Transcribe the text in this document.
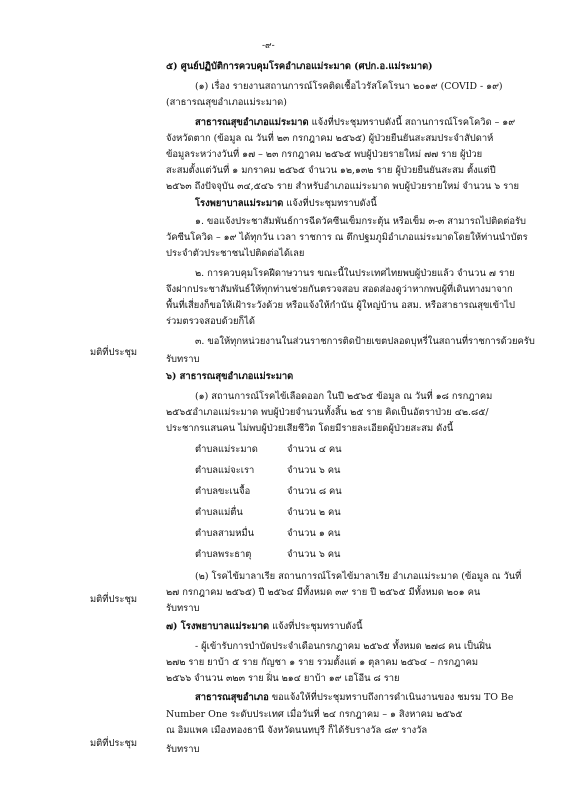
-๙-
๕) ศูนย์ปฏิบัติการควบคุมโรคอำเภอแม่ระมาด (ศปก.อ.แม่ระมาด)
(๑) เรื่อง รายงานสถานการณ์โรคติดเชื้อไวรัสโคโรนา ๒๐๑๙ (COVID - ๑๙)
(สาธารณสุขอำเภอแม่ระมาด)
สาธารณสุขอำเภอแม่ระมาด แจ้งที่ประชุมทราบดังนี้ สถานการณ์โรคโควิด – ๑๙
จังหวัดตาก (ข้อมูล ณ วันที่ ๒๓ กรกฎาคม ๒๕๖๕) ผู้ป่วยยืนยันสะสมประจำสัปดาห์
ข้อมูลระหว่างวันที่ ๑๗ – ๒๓ กรกฎาคม ๒๕๖๕ พบผู้ป่วยรายใหม่ ๗๗ ราย ผู้ป่วย
สะสมตั้งแต่วันที่ ๑ มกราคม ๒๕๖๕ จำนวน ๑๒,๑๓๒ ราย ผู้ป่วยยืนยันสะสม ตั้งแต่ปี
๒๕๖๓ ถึงปัจจุบัน ๓๔,๕๔๖ ราย สำหรับอำเภอแม่ระมาด พบผู้ป่วยรายใหม่ จำนวน ๖ ราย
โรงพยาบาลแม่ระมาด แจ้งที่ประชุมทราบดังนี้
๑. ขอแจ้งประชาสัมพันธ์การฉีดวัคซีนเข็มกระตุ้น หรือเข็ม ๓-๓ สามารถไปติดต่อรับ
วัคซีนโควิด – ๑๙ ได้ทุกวัน เวลา ราชการ ณ ตึกปฐมภูมิอำเภอแม่ระมาดโดยให้ท่านนำบัตร
ประจำตัวประชาชนไปติดต่อได้เลย
๒. การควบคุมโรคฝีดาษวานร ขณะนี้ในประเทศไทยพบผู้ป่วยแล้ว จำนวน ๗ ราย
จึงฝากประชาสัมพันธ์ให้ทุกท่านช่วยกันตรวจสอบ สอดส่องดูว่าหากพบผู้ที่เดินทางมาจาก
พื้นที่เสี่ยงก็ขอให้เฝ้าระวังด้วย หรือแจ้งให้กำนัน ผู้ใหญ่บ้าน อสม. หรือสาธารณสุขเข้าไป
ร่วมตรวจสอบด้วยก็ได้
๓. ขอให้ทุกหน่วยงานในส่วนราชการติดป้ายเขตปลอดบุหรี่ในสถานที่ราชการด้วยครับ
มติที่ประชุม
รับทราบ
๖) สาธารณสุขอำเภอแม่ระมาด
(๑) สถานการณ์โรคไข้เลือดออก ในปี ๒๕๖๕ ข้อมูล ณ วันที่ ๑๘ กรกฎาคม
๒๕๖๕อำเภอแม่ระมาด พบผู้ป่วยจำนวนทั้งสิ้น ๒๕ ราย คิดเป็นอัตราป่วย ๔๒.๘๕/
ประชากรแสนคน ไม่พบผู้ป่วยเสียชีวิต โดยมีรายละเอียดผู้ป่วยสะสม ดังนี้
ตำบลแม่ระมาด	จำนวน ๔ คน
ตำบลแม่จะเรา	จำนวน ๖ คน
ตำบลขะเนจื้อ	จำนวน ๘ คน
ตำบลแม่ตื่น	จำนวน ๒ คน
ตำบลสามหมื่น	จำนวน ๑ คน
ตำบลพระธาตุ	จำนวน ๖ คน
(๒) โรคไข้มาลาเรีย สถานการณ์โรคไข้มาลาเรีย อำเภอแม่ระมาด (ข้อมูล ณ วันที่
๒๗ กรกฎาคม ๒๕๖๕) ปี ๒๕๖๔ มีทั้งหมด ๓๙ ราย ปี ๒๕๖๕ มีทั้งหมด ๒๐๑ คน
มติที่ประชุม
รับทราบ
๗) โรงพยาบาลแม่ระมาด แจ้งที่ประชุมทราบดังนี้
- ผู้เข้ารับการบำบัดประจำเดือนกรกฎาคม ๒๕๖๕ ทั้งหมด ๒๗๘ คน เป็นฝิ่น
๒๗๒ ราย ยาบ้า ๕ ราย กัญชา ๑ ราย รวมตั้งแต่ ๑ ตุลาคม ๒๕๖๔ – กรกฎาคม
๒๕๖๖ จำนวน ๓๒๓ ราย ฝิ่น ๒๑๔ ยาบ้า ๑๙ เฮโอีน ๘ ราย
สาธารณสุขอำเภอ ขอแจ้งให้ที่ประชุมทราบถึงการดำเนินงานของ ชมรม TO Be
Number One ระดับประเทศ เมื่อวันที่ ๒๔ กรกฎาคม – ๑ สิงหาคม ๒๕๖๕
ณ อิมแพค เมืองทองธานี จังหวัดนนทบุรี ก็ได้รับรางวัล ๘๙ รางวัล
มติที่ประชุม
รับทราบ
